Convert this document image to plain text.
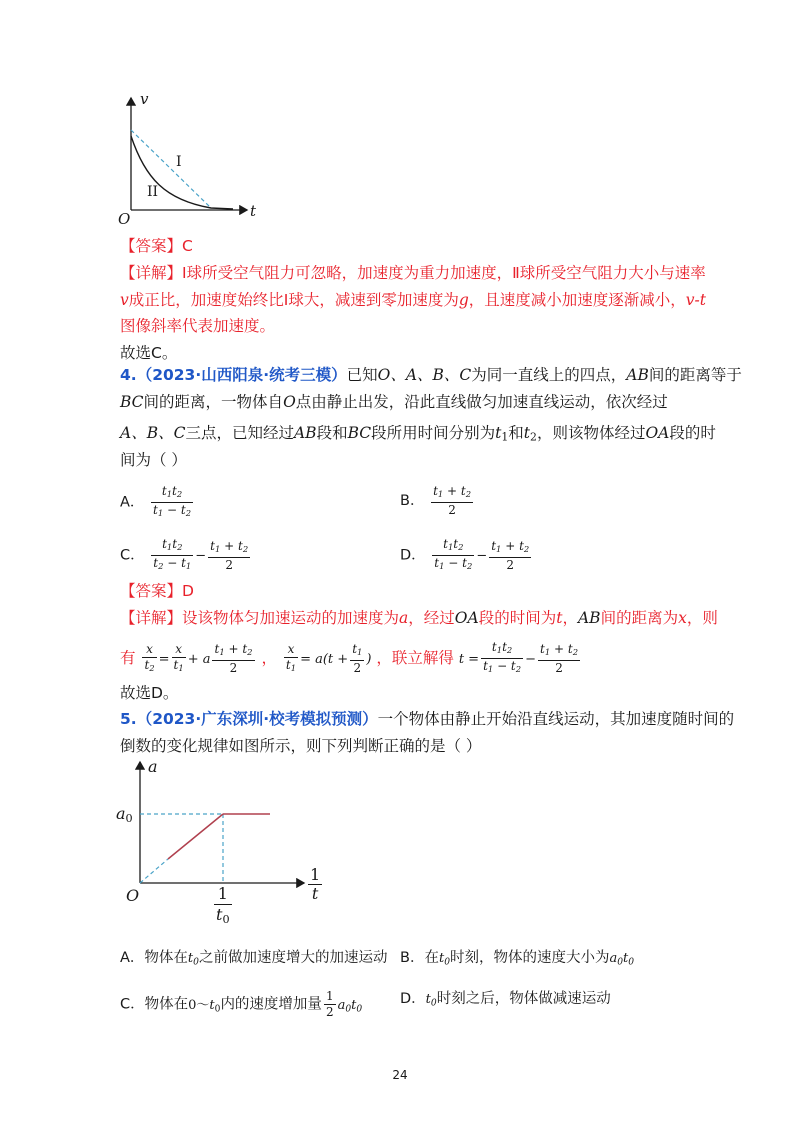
v
t
O
I
II
【答案】C
【详解】Ⅰ球所受空气阻力可忽略，加速度为重力加速度，Ⅱ球所受空气阻力大小与速率
v成正比，加速度始终比Ⅰ球大，减速到零加速度为g，且速度减小加速度逐渐减小，v-t
图像斜率代表加速度。
故选C。
4.（2023·山西阳泉·统考三模）已知O、A、B、C为同一直线上的四点，AB间的距离等于
BC间的距离，一物体自O点由静止出发，沿此直线做匀加速直线运动，依次经过
A、B、C三点，已知经过AB段和BC段所用时间分别为$t_1$和$t_2$，则该物体经过OA段的时
间为（ ）
A． $\frac{t_1t_2}{t_1 - t_2}$	B． $\frac{t_1 + t_2}{2}$
C． $\frac{t_1t_2}{t_2 - t_1} - \frac{t_1 + t_2}{2}$	D． $\frac{t_1t_2}{t_1 - t_2} - \frac{t_1 + t_2}{2}$
【答案】D
【详解】设该物体匀加速运动的加速度为a，经过OA段的时间为t，AB间的距离为x，则
有 $\frac{x}{t_2} = \frac{x}{t_1} + a \frac{t_1 + t_2}{2}$ ， $\frac{x}{t_1} = a(t + \frac{t_1}{2}$ ) ，联立解得 $t = \frac{t_1t_2}{t_1 - t_2} - \frac{t_1 + t_2}{2}$
故选D。
5.（2023·广东深圳·校考模拟预测）一个物体由静止开始沿直线运动，其加速度随时间的
倒数的变化规律如图所示，则下列判断正确的是（ ）
a
$a_0$
O	$\frac{1}{t}$
$\frac{1}{t_0}$
A．物体在$t_0$之前做加速度增大的加速运动 B．在$t_0$时刻，物体的速度大小为$a_0t_0$
C．物体在$0\sim t_0$内的速度增加量 $\frac{1}{2} a_0t_0$
D．$t_0$时刻之后，物体做减速运动
24
